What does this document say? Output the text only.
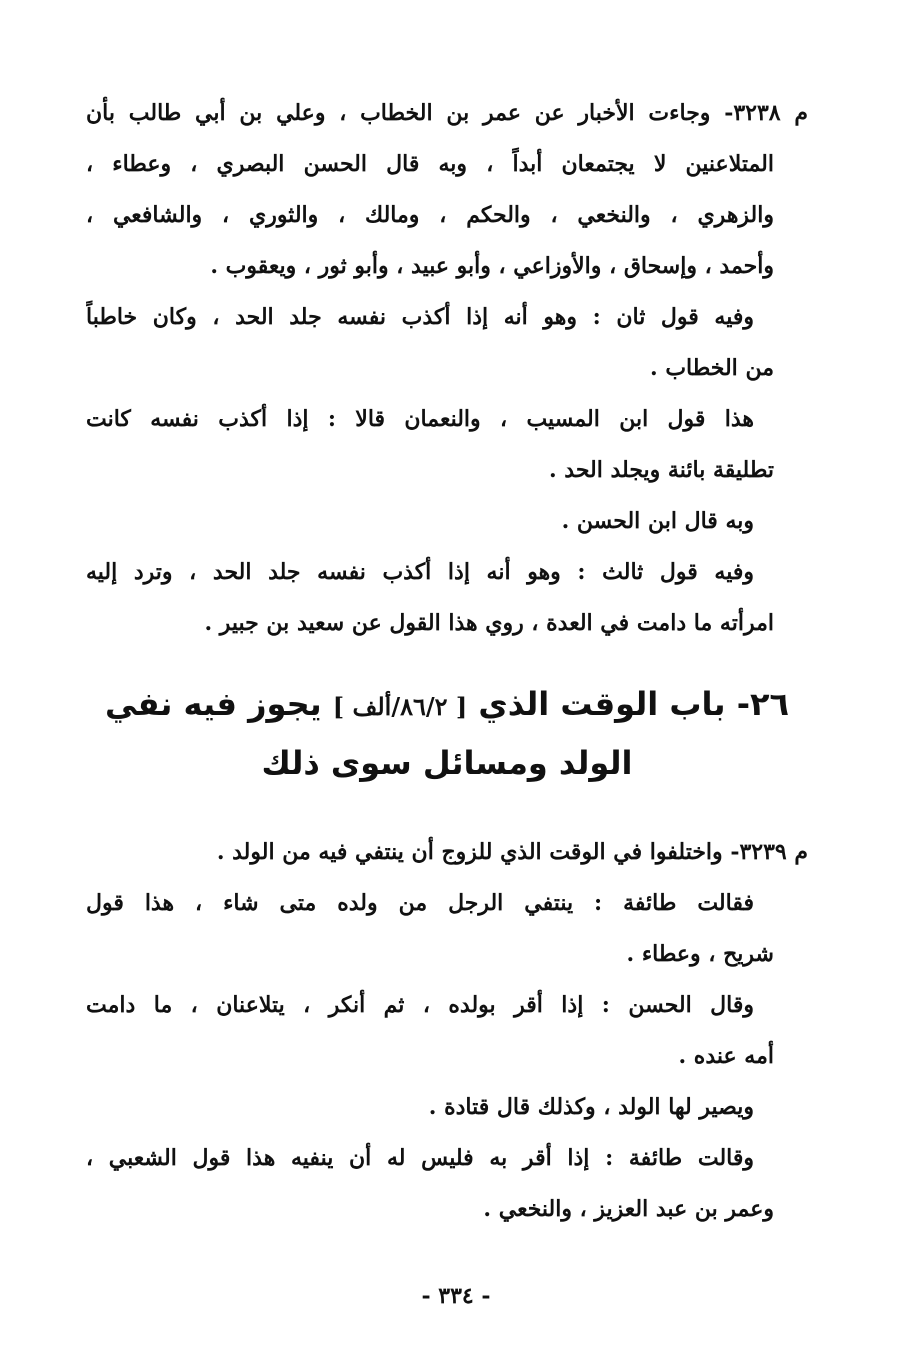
م ٣٢٣٨- وجاءت الأخبار عن عمر بن الخطاب ، وعلي بن أبي طالب بأن
المتلاعنين لا يجتمعان أبداً ، وبه قال الحسن البصري ، وعطاء ،
والزهري ، والنخعي ، والحكم ، ومالك ، والثوري ، والشافعي ،
وأحمد ، وإسحاق ، والأوزاعي ، وأبو عبيد ، وأبو ثور ، ويعقوب .
وفيه قول ثان : وهو أنه إذا أكذب نفسه جلد الحد ، وكان خاطباً
من الخطاب .
هذا قول ابن المسيب ، والنعمان قالا : إذا أكذب نفسه كانت
تطليقة بائنة ويجلد الحد .
وبه قال ابن الحسن .
وفيه قول ثالث : وهو أنه إذا أكذب نفسه جلد الحد ، وترد إليه
امرأته ما دامت في العدة ، روي هذا القول عن سعيد بن جبير .
٢٦- باب الوقت الذي [ ٨٦/٢/ألف ] يجوز فيه نفي
الولد ومسائل سوى ذلك
م ٣٢٣٩- واختلفوا في الوقت الذي للزوج أن ينتفي فيه من الولد .
فقالت طائفة : ينتفي الرجل من ولده متى شاء ، هذا قول
شريح ، وعطاء .
وقال الحسن : إذا أقر بولده ، ثم أنكر ، يتلاعنان ، ما دامت
أمه عنده .
ويصير لها الولد ، وكذلك قال قتادة .
وقالت طائفة : إذا أقر به فليس له أن ينفيه هذا قول الشعبي ،
وعمر بن عبد العزيز ، والنخعي .
- ٣٣٤ -
